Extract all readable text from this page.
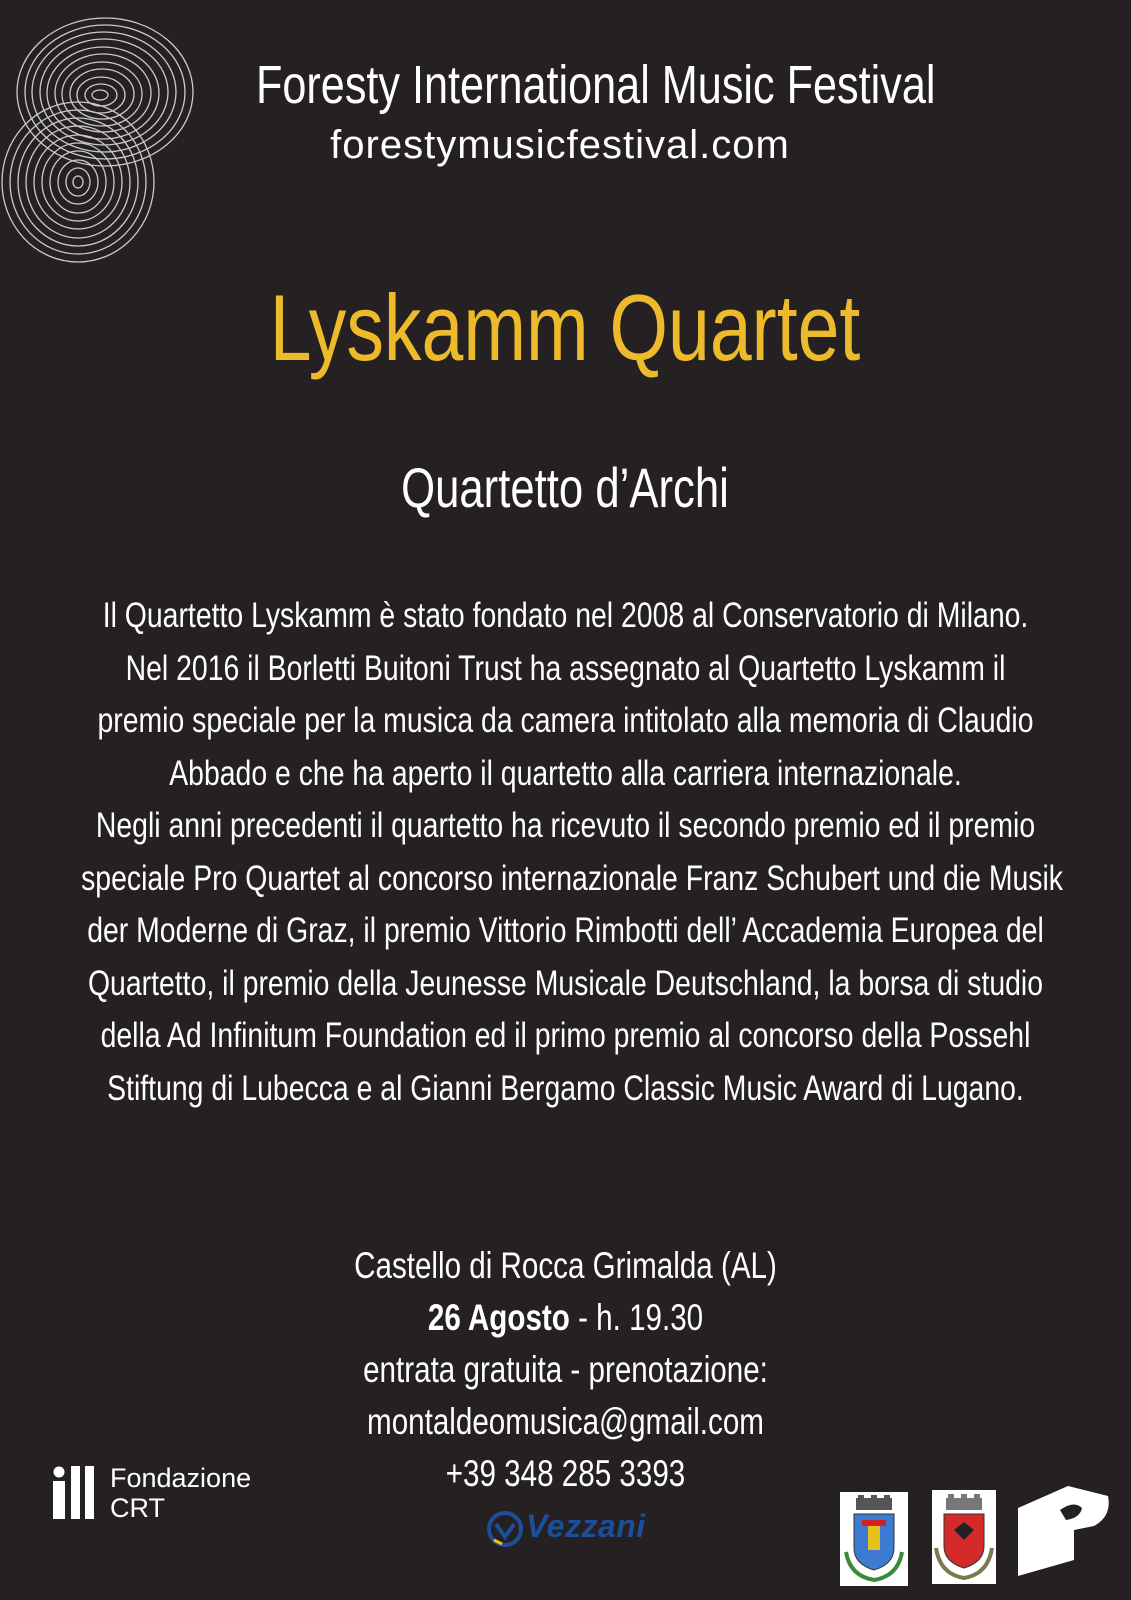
Foresty International Music Festival
forestymusicfestival.com
Lyskamm Quartet
Quartetto d’Archi
Il Quartetto Lyskamm è stato fondato nel 2008 al Conservatorio di Milano.
Nel 2016 il Borletti Buitoni Trust ha assegnato al Quartetto Lyskamm il
premio speciale per la musica da camera intitolato alla memoria di Claudio
Abbado e che ha aperto il quartetto alla carriera internazionale.
Negli anni precedenti il quartetto ha ricevuto il secondo premio ed il premio
speciale Pro Quartet al concorso internazionale Franz Schubert und die Musik
der Moderne di Graz, il premio Vittorio Rimbotti dell’ Accademia Europea del
Quartetto, il premio della Jeunesse Musicale Deutschland, la borsa di studio
della Ad Infinitum Foundation ed il primo premio al concorso della Possehl
Stiftung di Lubecca e al Gianni Bergamo Classic Music Award di Lugano.
Castello di Rocca Grimalda (AL)
26 Agosto - h. 19.30
entrata gratuita - prenotazione:
montaldeomusica@gmail.com
+39 348 285 3393
Fondazione
CRT	Vezzani
